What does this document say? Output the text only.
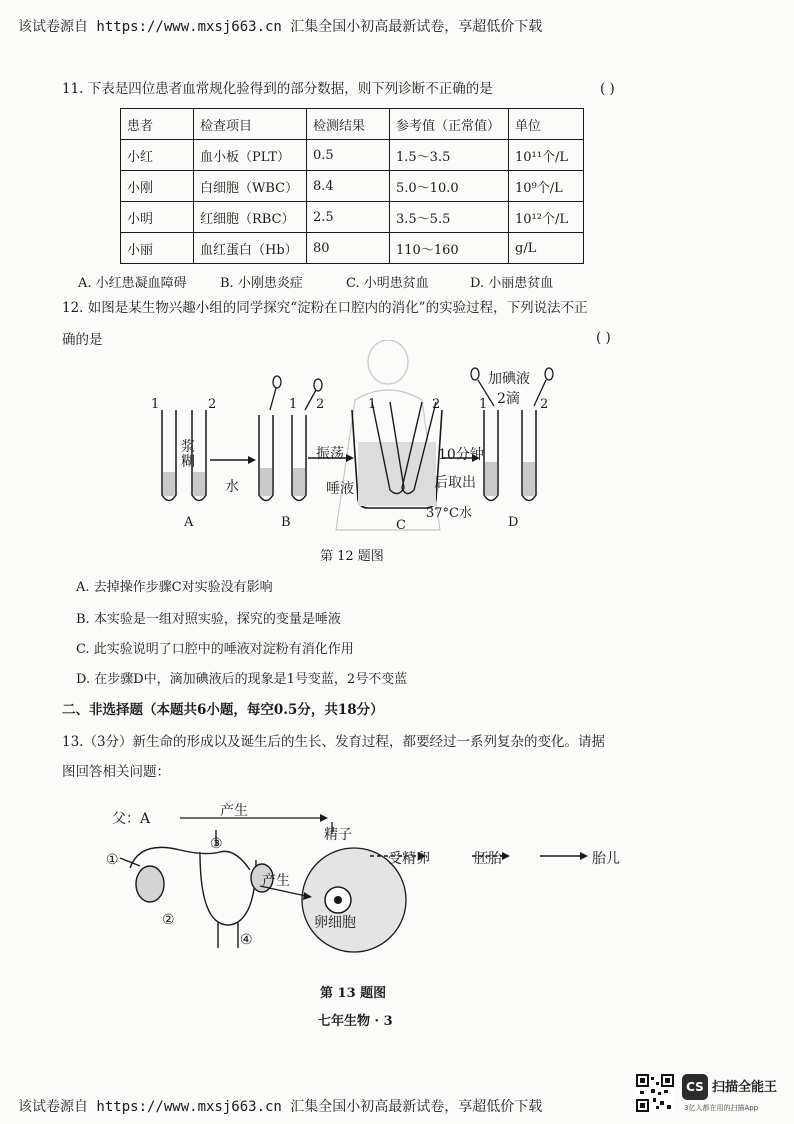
该试卷源自 https://www.mxsj663.cn 汇集全国小初高最新试卷，享超低价下载
11. 下表是四位患者血常规化验得到的部分数据，则下列诊断不正确的是	( )
患者	检查项目	检测结果	参考值（正常值）	单位
小红	血小板（PLT）	0.5	1.5～3.5	10¹¹个/L
小刚	白细胞（WBC）	8.4	5.0～10.0	10⁹个/L
小明	红细胞（RBC）	2.5	3.5～5.5	10¹²个/L
小丽	血红蛋白（Hb）	80	110～160	g/L
A. 小红患凝血障碍	B. 小刚患炎症	C. 小明患贫血	D. 小丽患贫血
12. 如图是某生物兴趣小组的同学探究“淀粉在口腔内的消化”的实验过程，下列说法不正
确的是	( )
1	2
浆糊
水
1 2
振荡
唾液
1	2
10分钟
后取出
37°C水
加碘液
2滴
1	2
A	B	C	D
第 12 题图
A. 去掉操作步骤C对实验没有影响
B. 本实验是一组对照实验，探究的变量是唾液
C. 此实验说明了口腔中的唾液对淀粉有消化作用
D. 在步骤D中，滴加碘液后的现象是1号变蓝，2号不变蓝
二、非选择题（本题共6小题，每空0.5分，共18分）
13.（3分）新生命的形成以及诞生后的生长、发育过程，都要经过一系列复杂的变化。请据
图回答相关问题：
父：A	产生
精子
产生
卵细胞
受精卵	胚胎	胎儿
①
②
③
④
第 13 题图
七年生物 · 3
该试卷源自 https://www.mxsj663.cn 汇集全国小初高最新试卷，享超低价下载
CS 扫描全能王
3亿人都在用的扫描App
